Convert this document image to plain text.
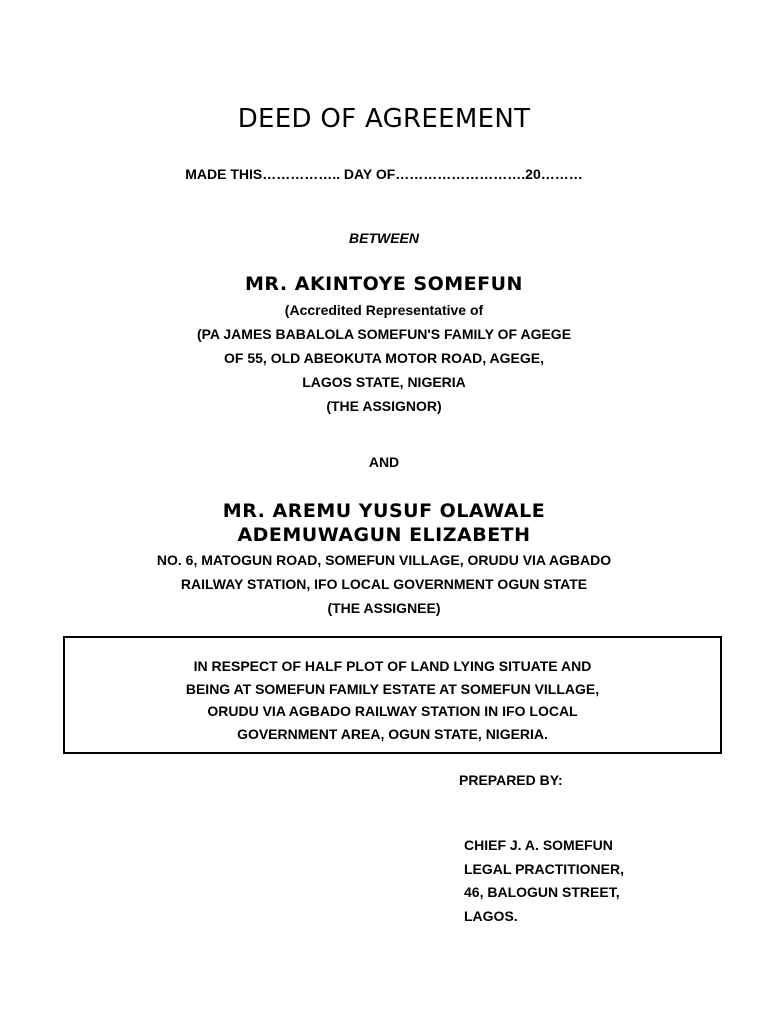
DEED OF AGREEMENT
MADE THIS…………….. DAY OF……………………….20………
BETWEEN
MR. AKINTOYE SOMEFUN
(Accredited Representative of
(PA JAMES BABALOLA SOMEFUN'S FAMILY OF AGEGE
OF 55, OLD ABEOKUTA MOTOR ROAD, AGEGE,
LAGOS STATE, NIGERIA
(THE ASSIGNOR)
AND
MR. AREMU YUSUF OLAWALE
ADEMUWAGUN ELIZABETH
NO. 6, MATOGUN ROAD, SOMEFUN VILLAGE, ORUDU VIA AGBADO
RAILWAY STATION, IFO LOCAL GOVERNMENT OGUN STATE
(THE ASSIGNEE)
IN RESPECT OF HALF PLOT OF LAND LYING SITUATE AND
BEING AT SOMEFUN FAMILY ESTATE AT SOMEFUN VILLAGE,
ORUDU VIA AGBADO RAILWAY STATION IN IFO LOCAL
GOVERNMENT AREA, OGUN STATE, NIGERIA.
PREPARED BY:
CHIEF J. A. SOMEFUN
LEGAL PRACTITIONER,
46, BALOGUN STREET,
LAGOS.
